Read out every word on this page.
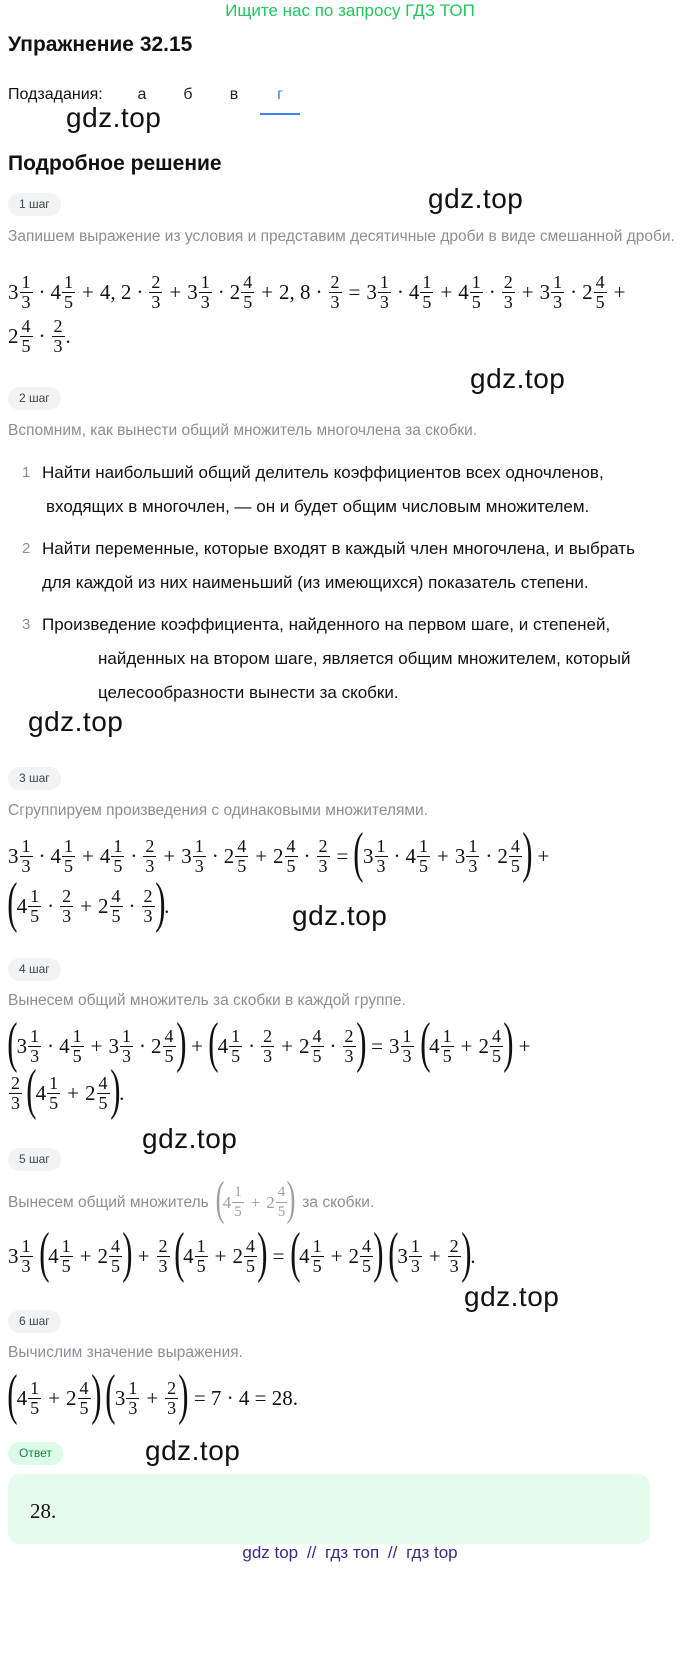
Ищите нас по запросу ГДЗ ТОП
Упражнение 32.15
Подзадания:	а	б	в	г
gdz.top
Подробное решение
gdz.top
1 шаг
Запишем выражение из условия и представим десятичные дроби в виде смешанной дроби.
$3 \frac{1}{3} \cdot 4 \frac{1}{5} + 4$, $2 \cdot \frac{2}{3} + 3 \frac{1}{3} \cdot 2 \frac{4}{5} + 2$, $8 \cdot \frac{2}{3} = 3 \frac{1}{3} \cdot 4 \frac{1}{5} + 4 \frac{1}{5} \cdot \frac{2}{3} + 3 \frac{1}{3} \cdot 2 \frac{4}{5}$ +
$2 \frac{4}{5} \cdot \frac{2}{3}$ .
gdz.top
2 шаг
Вспомним, как вынести общий множитель многочлена за скобки.
1 Найти наибольший общий делитель коэффициентов всех одночленов,
входящих в многочлен, — он и будет общим числовым множителем.
2 Найти переменные, которые входят в каждый член многочлена, и выбрать
для каждой из них наименьший (из имеющихся) показатель степени.
3 Произведение коэффициента, найденного на первом шаге, и степеней,
найденных на втором шаге, является общим множителем, который
целесообразности вынести за скобки.
gdz.top
3 шаг
Сгруппируем произведения с одинаковыми множителями.
$3 \frac{1}{3} \cdot 4 \frac{1}{5} + 4 \frac{1}{5} \cdot \frac{2}{3} + 3 \frac{1}{3} \cdot 2 \frac{4}{5} + 2 \frac{4}{5} \cdot \frac{2}{3}$ = ( $3 \frac{1}{3} \cdot 4 \frac{1}{5} + 3 \frac{1}{3} \cdot 2 \frac{4}{5}$ ) +
( $4 \frac{1}{5} \cdot \frac{2}{3} + 2 \frac{4}{5} \cdot \frac{2}{3}$ ) .	gdz.top
4 шаг
Вынесем общий множитель за скобки в каждой группе.
( $3 \frac{1}{3} \cdot 4 \frac{1}{5} + 3 \frac{1}{3} \cdot 2 \frac{4}{5}$ ) + ( $4 \frac{1}{5} \cdot \frac{2}{3} + 2 \frac{4}{5} \cdot \frac{2}{3}$ ) = $3 \frac{1}{3}$ ( $4 \frac{1}{5} + 2 \frac{4}{5}$ ) +
$\frac{2}{3}$ ( $4 \frac{1}{5} + 2 \frac{4}{5}$ ) .
gdz.top
5 шаг
Вынесем общий множитель (
$4 \frac{1}{5} + 2 \frac{4}{5}$ ) за скобки.
$3 \frac{1}{3}$ ( $4 \frac{1}{5} + 2 \frac{4}{5}$ ) + $\frac{2}{3}$ ( $4 \frac{1}{5} + 2 \frac{4}{5}$ ) = ( $4 \frac{1}{5} + 2 \frac{4}{5}$ ) ( $3 \frac{1}{3} + \frac{2}{3}$ ) .
gdz.top
6 шаг
Вычислим значение выражения.
( $4 \frac{1}{5} + 2 \frac{4}{5}$ ) ( $3 \frac{1}{3} + \frac{2}{3}$ ) = 7 · 4 = 28.
Ответ	gdz.top
28.
gdz top // гдз топ // гдз top
